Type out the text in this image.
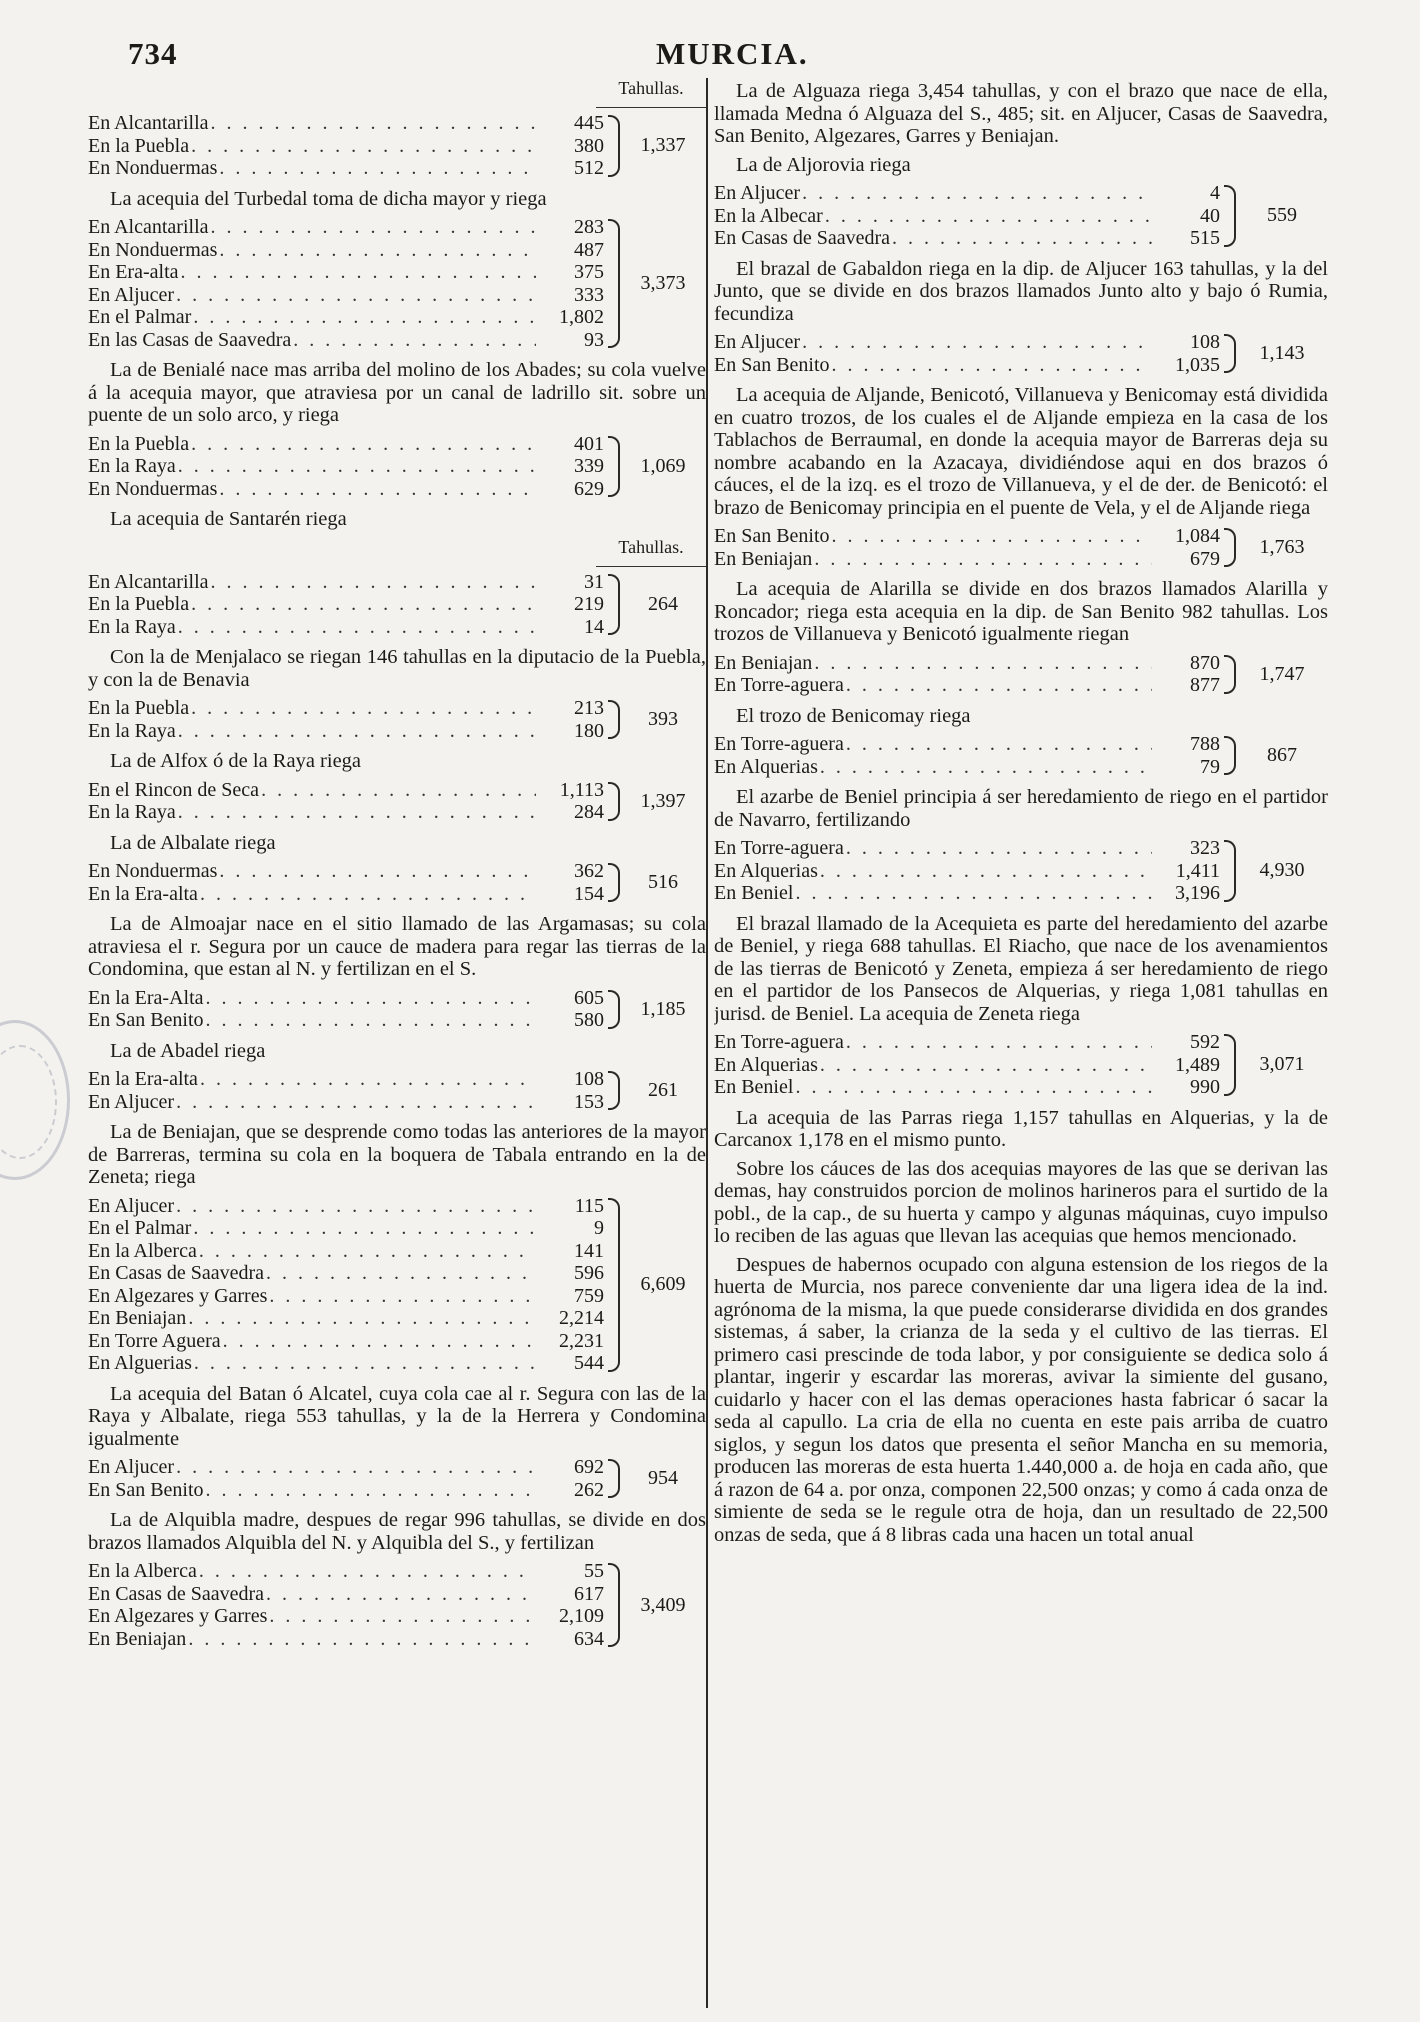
734	MURCIA.
Tahullas.
En Alcantarilla . . .	445
En la Puebla . . .	380
En Nonduermas . . .	512
1,337

La acequia del Turbedal toma de dicha mayor y riega

En Alcantarilla . . .	283
En Nonduermas . . .	487
En Era-alta . . .	375
En Aljucer . . .	333
En el Palmar . . .	1,802
En las Casas de Saavedra . . .	93
3,373

La de Benialé nace mas arriba del molino de los Abades; su cola vuelve á la acequia mayor, que atraviesa por un canal de ladrillo sit. sobre un puente de un solo arco, y riega

En la Puebla . . .	401
En la Raya . . .	339
En Nonduermas . . .	629
1,069

La acequia de Santarén riega

Tahullas.
En Alcantarilla . . .	31
En la Puebla . . .	219
En la Raya . . .	14
264

Con la de Menjalaco se riegan 146 tahullas en la diputacio de la Puebla, y con la de Benavia

En la Puebla . . .	213
En la Raya . . .	180
393

La de Alfox ó de la Raya riega

En el Rincon de Seca . . .	1,113
En la Raya . . .	284
1,397

La de Albalate riega

En Nonduermas . . .	362
En la Era-alta . . .	154
516

La de Almoajar nace en el sitio llamado de las Argamasas; su cola atraviesa el r. Segura por un cauce de madera para regar las tierras de la Condomina, que estan al N. y fertilizan en el S.

En la Era-Alta . . .	605
En San Benito . . .	580
1,185

La de Abadel riega

En la Era-alta . . .	108
En Aljucer . . .	153
261

La de Beniajan, que se desprende como todas las anteriores de la mayor de Barreras, termina su cola en la boquera de Tabala entrando en la de Zeneta; riega

En Aljucer . . .	115
En el Palmar . . .	9
En la Alberca . . .	141
En Casas de Saavedra . . .	596
En Algezares y Garres . . .	759
En Beniajan . . .	2,214
En Torre Aguera . . .	2,231
En Alguerias . . .	544
6,609

La acequia del Batan ó Alcatel, cuya cola cae al r. Segura con las de la Raya y Albalate, riega 553 tahullas, y la de la Herrera y Condomina igualmente

En Aljucer . . .	692
En San Benito . . .	262
954

La de Alquibla madre, despues de regar 996 tahullas, se divide en dos brazos llamados Alquibla del N. y Alquibla del S., y fertilizan

En la Alberca . . .	55
En Casas de Saavedra . . .	617
En Algezares y Garres . . .	2,109
En Beniajan . . .	634
3,409

La de Alguaza riega 3,454 tahullas, y con el brazo que nace de ella, llamada Medna ó Alguaza del S., 485; sit. en Aljucer, Casas de Saavedra, San Benito, Algezares, Garres y Beniajan.

La de Aljorovia riega

En Aljucer . . .	4
En la Albecar . . .	40
En Casas de Saavedra . . .	515
559

El brazal de Gabaldon riega en la dip. de Aljucer 163 tahullas, y la del Junto, que se divide en dos brazos llamados Junto alto y bajo ó Rumia, fecundiza

En Aljucer . . .	108
En San Benito . . .	1,035
1,143

La acequia de Aljande, Benicotó, Villanueva y Benicomay está dividida en cuatro trozos, de los cuales el de Aljande empieza en la casa de los Tablachos de Berraumal, en donde la acequia mayor de Barreras deja su nombre acabando en la Azacaya, dividiéndose aqui en dos brazos ó cáuces, el de la izq. es el trozo de Villanueva, y el de der. de Benicotó: el brazo de Benicomay principia en el puente de Vela, y el de Aljande riega

En San Benito . . .	1,084
En Beniajan . . .	679
1,763

La acequia de Alarilla se divide en dos brazos llamados Alarilla y Roncador; riega esta acequia en la dip. de San Benito 982 tahullas. Los trozos de Villanueva y Benicotó igualmente riegan

En Beniajan . . .	870
En Torre-aguera . . .	877
1,747

El trozo de Benicomay riega

En Torre-aguera . . .	788
En Alquerias . . .	79
867

El azarbe de Beniel principia á ser heredamiento de riego en el partidor de Navarro, fertilizando

En Torre-aguera . . .	323
En Alquerias . . .	1,411
En Beniel . . .	3,196
4,930

El brazal llamado de la Acequieta es parte del heredamiento del azarbe de Beniel, y riega 688 tahullas. El Riacho, que nace de los avenamientos de las tierras de Benicotó y Zeneta, empieza á ser heredamiento de riego en el partidor de los Pansecos de Alquerias, y riega 1,081 tahullas en jurisd. de Beniel. La acequia de Zeneta riega

En Torre-aguera . . .	592
En Alquerias . . .	1,489
En Beniel . . .	990
3,071

La acequia de las Parras riega 1,157 tahullas en Alquerias, y la de Carcanox 1,178 en el mismo punto.

Sobre los cáuces de las dos acequias mayores de las que se derivan las demas, hay construidos porcion de molinos harineros para el surtido de la pobl., de la cap., de su huerta y campo y algunas máquinas, cuyo impulso lo reciben de las aguas que llevan las acequias que hemos mencionado.

Despues de habernos ocupado con alguna estension de los riegos de la huerta de Murcia, nos parece conveniente dar una ligera idea de la ind. agrónoma de la misma, la que puede considerarse dividida en dos grandes sistemas, á saber, la crianza de la seda y el cultivo de las tierras. El primero casi prescinde de toda labor, y por consiguiente se dedica solo á plantar, ingerir y escardar las moreras, avivar la simiente del gusano, cuidarlo y hacer con el las demas operaciones hasta fabricar ó sacar la seda al capullo. La cria de ella no cuenta en este pais arriba de cuatro siglos, y segun los datos que presenta el señor Mancha en su memoria, producen las moreras de esta huerta 1.440,000 a. de hoja en cada año, que á razon de 64 a. por onza, componen 22,500 onzas; y como á cada onza de simiente de seda se le regule otra de hoja, dan un resultado de 22,500 onzas de seda, que á 8 libras cada una hacen un total anual
